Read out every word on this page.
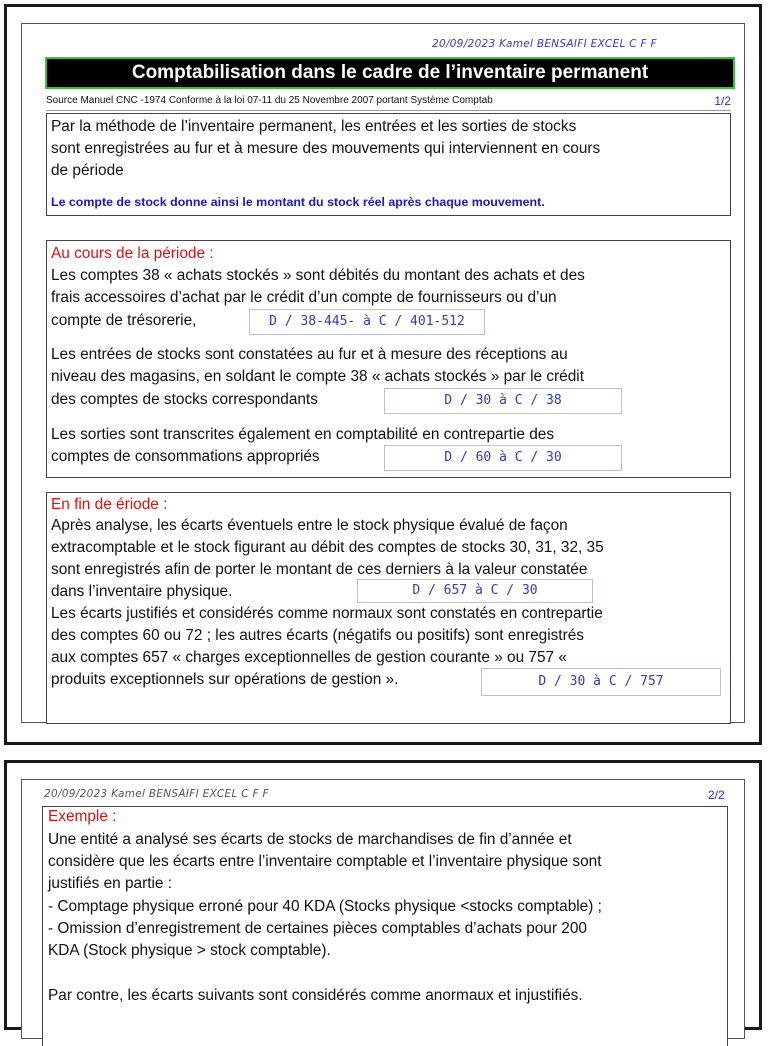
20/09/2023 Kamel BENSAIFI EXCEL C F F
Comptabilisation dans le cadre de l’inventaire permanent
Source Manuel CNC -1974 Conforme à la loi 07-11 du 25 Novembre 2007 portant Système Comptab	1/2
Par la méthode de l’inventaire permanent, les entrées et les sorties de stocks
sont enregistrées au fur et à mesure des mouvements qui interviennent en cours
de période
Le compte de stock donne ainsi le montant du stock réel après chaque mouvement.
Au cours de la période :
Les comptes 38 « achats stockés » sont débités du montant des achats et des
frais accessoires d’achat par le crédit d’un compte de fournisseurs ou d’un
compte de trésorerie,	D / 38-445- à C / 401-512
Les entrées de stocks sont constatées au fur et à mesure des réceptions au
niveau des magasins, en soldant le compte 38 « achats stockés » par le crédit
des comptes de stocks correspondants	D / 30 à C / 38
Les sorties sont transcrites également en comptabilité en contrepartie des
comptes de consommations appropriés	D / 60 à C / 30
En fin de ériode :
Après analyse, les écarts éventuels entre le stock physique évalué de façon
extracomptable et le stock figurant au débit des comptes de stocks 30, 31, 32, 35
sont enregistrés afin de porter le montant de ces derniers à la valeur constatée
dans l’inventaire physique.	D / 657 à C / 30
Les écarts justifiés et considérés comme normaux sont constatés en contrepartie
des comptes 60 ou 72 ; les autres écarts (négatifs ou positifs) sont enregistrés
aux comptes 657 « charges exceptionnelles de gestion courante » ou 757 «
produits exceptionnels sur opérations de gestion ».	D / 30 à C / 757
20/09/2023 Kamel BENSAIFI EXCEL C F F	2/2
Exemple :
Une entité a analysé ses écarts de stocks de marchandises de fin d’année et
considère que les écarts entre l’inventaire comptable et l’inventaire physique sont
justifiés en partie :
- Comptage physique erroné pour 40 KDA (Stocks physique <stocks comptable) ;
- Omission d’enregistrement de certaines pièces comptables d’achats pour 200
KDA (Stock physique > stock comptable).
Par contre, les écarts suivants sont considérés comme anormaux et injustifiés.
